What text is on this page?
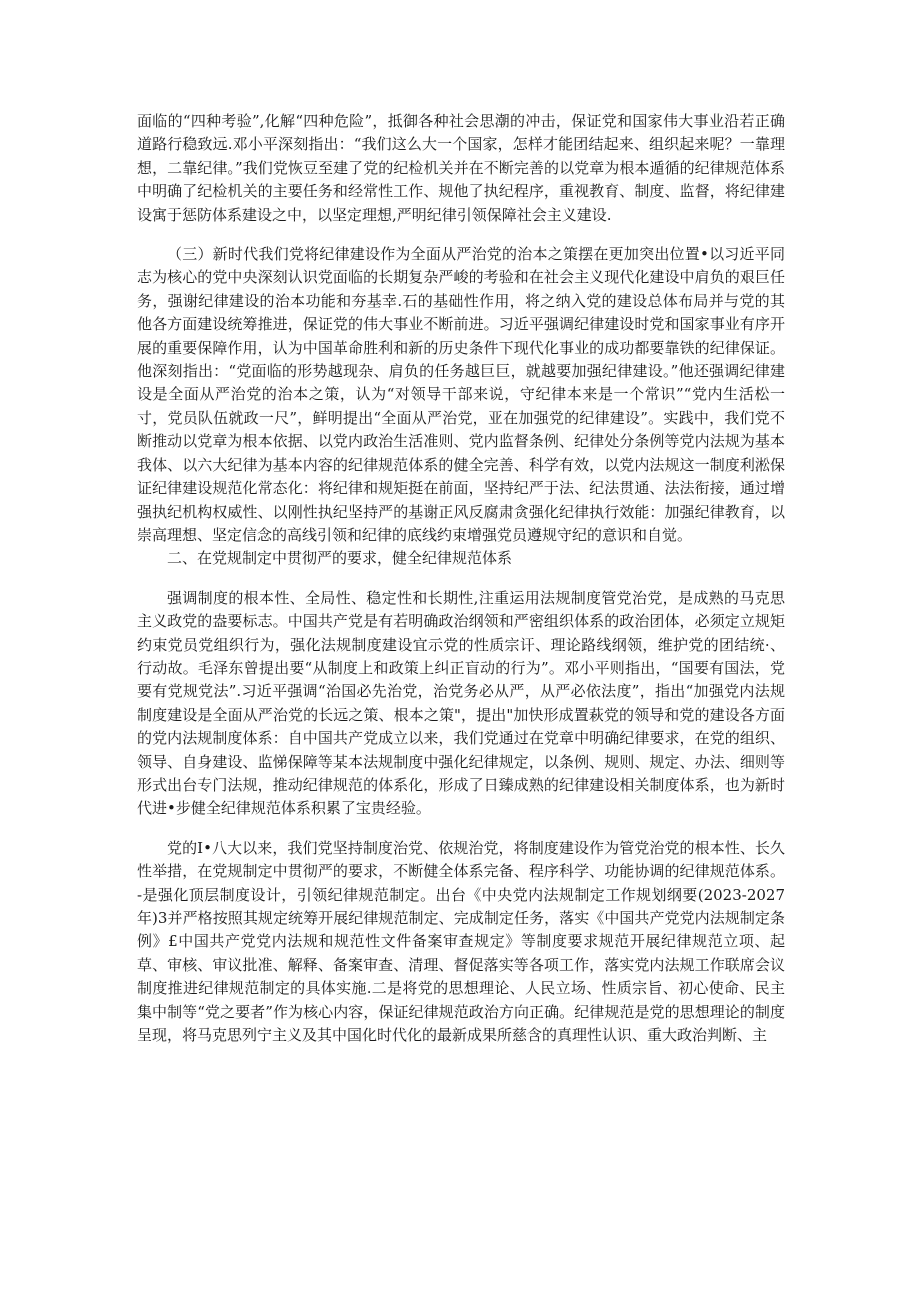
面临的“四种考验”,化解“四种危险”，抵御各种社会思潮的冲击，保证党和国家伟大事业沿若正确道路行稳致远.邓小平深刻指出：“我们这么大一个国家，怎样才能团结起来、组织起来呢？一靠理想，二靠纪律。”我们党恢豆至建了党的纪检机关并在不断完善的以党章为根本遁循的纪律规范体系中明确了纪检机关的主要任务和经常性工作、规他了执纪程序，重视教育、制度、监督，将纪律建设寓于惩防体系建设之中，以坚定理想,严明纪律引领保障社会主义建设.

（三）新时代我们党将纪律建设作为全面从严治党的治本之策摆在更加突出位置•以习近平同志为核心的党中央深刻认识党面临的长期复杂严峻的考验和在社会主义现代化建设中肩负的艰巨任务，强谢纪律建设的治本功能和夯基幸.石的基础性作用，将之纳入党的建设总体布局并与党的其他各方面建设统筹推进，保证党的伟大事业不断前进。习近平强调纪律建设时党和国家事业有序开展的重要保障作用，认为中国革命胜利和新的历史条件下现代化事业的成功都要靠铁的纪律保证。他深刻指出：“党面临的形势越现杂、肩负的任务越巨巨，就越要加强纪律建设。”他还强调纪律建设是全面从严治党的治本之策，认为“对领导干部来说，守纪律本来是一个常识”“党内生活松一寸，党员队伍就政一尺”，鲜明提出“全面从严治党，亚在加强党的纪律建设”。实践中，我们党不断推动以党章为根本依据、以党内政治生活准则、党内监督条例、纪律处分条例等党内法规为基本我体、以六大纪律为基本内容的纪律规范体系的健全完善、科学有效，以党内法规这一制度利淞保证纪律建设规范化常态化：将纪律和规矩挺在前面，坚持纪严于法、纪法贯通、法法衔接，通过增强执纪机构权威性、以刚性执纪坚持严的基谢正风反腐肃贪强化纪律执行效能：加强纪律教育，以崇高理想、坚定信念的高线引领和纪律的底线约束增强党员遵规守纪的意识和自觉。

二、在党规制定中贯彻严的要求，健全纪律规范体系

强调制度的根本性、全局性、稳定性和长期性,注重运用法规制度管党治党，是成熟的马克思主义政党的盎要标志。中国共产党是有若明确政治纲领和严密组织体系的政治团体，必须定立规矩约束党员党组织行为，强化法规制度建设宜示党的性质宗讦、理论路线纲领，维护党的团结统·、行动故。毛泽东曾提出要“从制度上和政策上纠正盲动的行为”。邓小平则指出，“国要有国法，党要有党规党法”.习近平强调“治国必先治党，治党务必从严，从严必依法度”，指出“加强党内法规制度建设是全面从严治党的长远之策、根本之策"，提出"加快形成置萩党的领导和党的建设各方面的党内法规制度体系：自中国共产党成立以来，我们党通过在党章中明确纪律要求，在党的组织、领导、自身建设、监悌保障等某本法规制度中强化纪律规定，以条例、规则、规定、办法、细则等形式出台专门法规，推动纪律规范的体系化，形成了日臻成熟的纪律建设相关制度体系，也为新时代进•步健全纪律规范体系积累了宝贵经验。

党的I•八大以来，我们党坚持制度治党、依规治党，将制度建设作为管党治党的根本性、长久性举措，在党规制定中贯彻严的要求，不断健全体系完备、程序科学、功能协调的纪律规范体系。-是强化顶层制度设计，引领纪律规范制定。出台《中央党内法规制定工作规划纲要(2023-2027年)3并严格按照其规定统筹开展纪律规范制定、完成制定任务，落实《中国共产党党内法规制定条例》£中国共产党党内法规和规范性文件备案审查规定》等制度要求规范开展纪律规范立项、起草、审核、审议批准、解释、备案审查、清理、督促落实等各项工作，落实党内法规工作联席会议制度推进纪律规范制定的具体实施.二是将党的思想理论、人民立场、性质宗旨、初心使命、民主集中制等“党之要者”作为核心内容，保证纪律规范政治方向正确。纪律规范是党的思想理论的制度呈现，将马克思列宁主义及其中国化时代化的最新成果所慈含的真理性认识、重大政治判断、主
